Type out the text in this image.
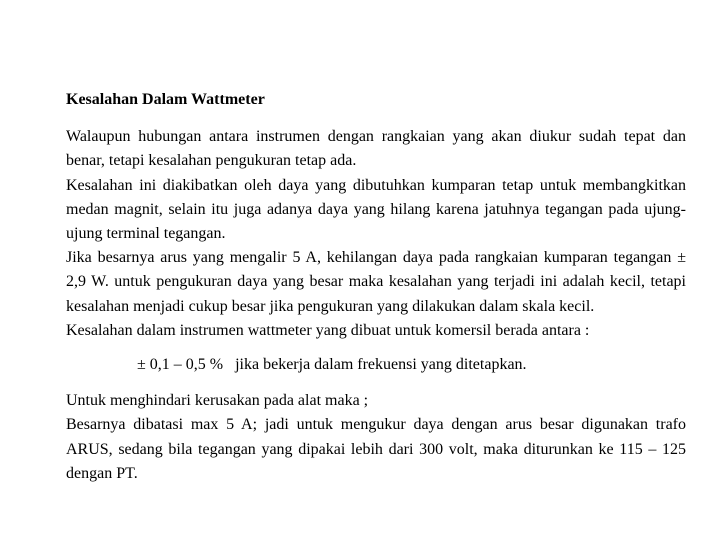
Kesalahan Dalam Wattmeter

Walaupun hubungan antara instrumen dengan rangkaian yang akan diukur sudah tepat dan benar, tetapi kesalahan pengukuran tetap ada.

Kesalahan ini diakibatkan oleh daya yang dibutuhkan kumparan tetap untuk membangkitkan medan magnit, selain itu juga adanya daya yang hilang karena jatuhnya tegangan pada ujung-ujung terminal tegangan.

Jika besarnya arus yang mengalir 5 A, kehilangan daya pada rangkaian kumparan tegangan ± 2,9 W. untuk pengukuran daya yang besar maka kesalahan yang terjadi ini adalah kecil, tetapi kesalahan menjadi cukup besar jika pengukuran yang dilakukan dalam skala kecil.

Kesalahan dalam instrumen wattmeter yang dibuat untuk komersil berada antara :

± 0,1 – 0,5 %   jika bekerja dalam frekuensi yang ditetapkan.

Untuk menghindari kerusakan pada alat maka ;

Besarnya dibatasi max 5 A; jadi untuk mengukur daya dengan arus besar digunakan trafo ARUS, sedang bila tegangan yang dipakai lebih dari 300 volt, maka diturunkan ke 115 – 125 dengan PT.
